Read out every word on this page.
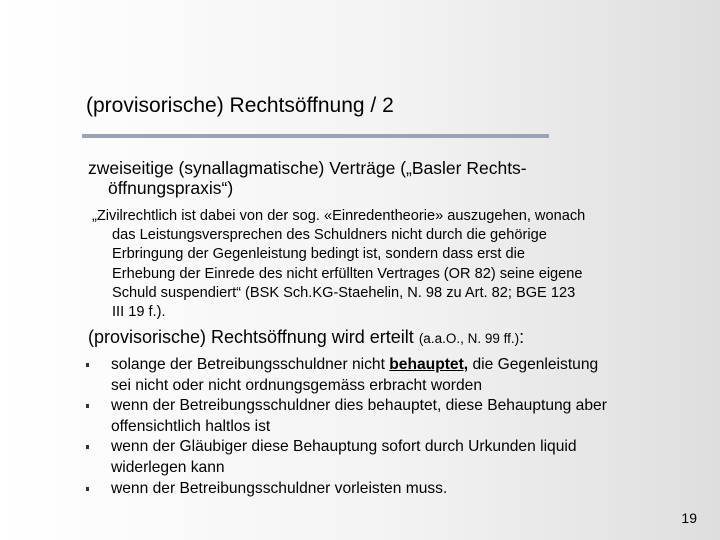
(provisorische) Rechtsöffnung / 2
zweiseitige (synallagmatische) Verträge („Basler Rechts-
öffnungspraxis“)
„Zivilrechtlich ist dabei von der sog. «Einredentheorie» auszugehen, wonach
das Leistungsversprechen des Schuldners nicht durch die gehörige
Erbringung der Gegenleistung bedingt ist, sondern dass erst die
Erhebung der Einrede des nicht erfüllten Vertrages (OR 82) seine eigene
Schuld suspendiert“ (BSK Sch.KG-Staehelin, N. 98 zu Art. 82; BGE 123
III 19 f.).
(provisorische) Rechtsöffnung wird erteilt (a.a.O., N. 99 ff.):
solange der Betreibungsschuldner nicht behauptet, die Gegenleistung
sei nicht oder nicht ordnungsgemäss erbracht worden
wenn der Betreibungsschuldner dies behauptet, diese Behauptung aber
offensichtlich haltlos ist
wenn der Gläubiger diese Behauptung sofort durch Urkunden liquid
widerlegen kann
wenn der Betreibungsschuldner vorleisten muss.
19
